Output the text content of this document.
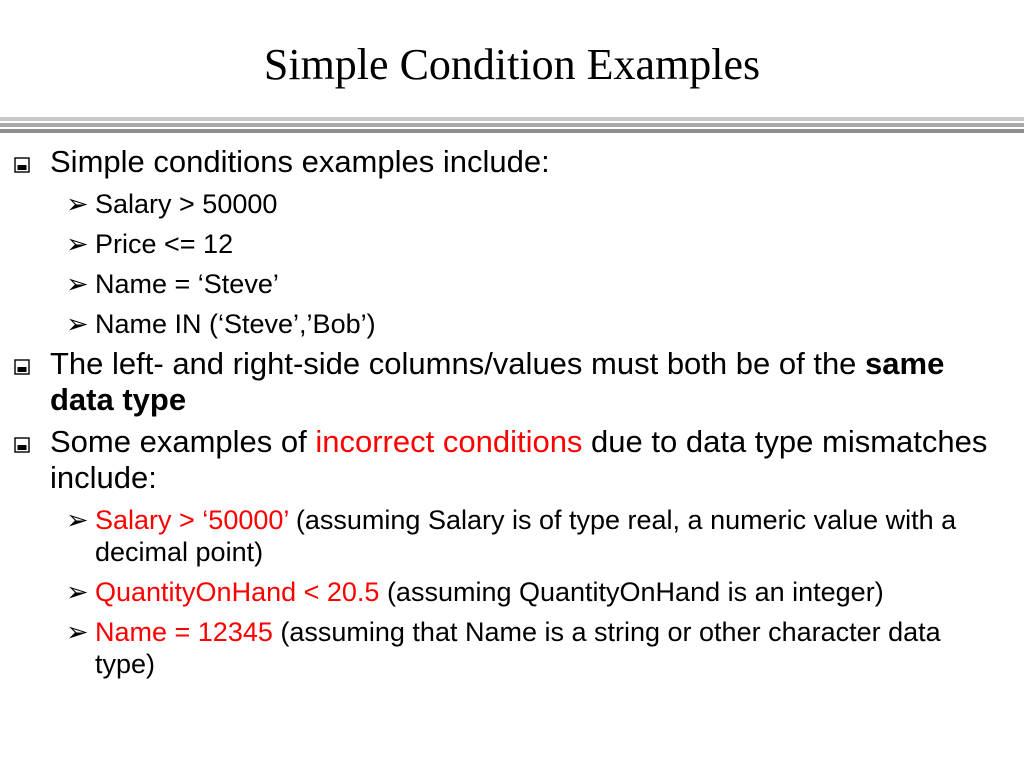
Simple Condition Examples
Simple conditions examples include:
➢ Salary > 50000
➢ Price <= 12
➢ Name = ‘Steve’
➢ Name IN (‘Steve’,’Bob’)
The left- and right-side columns/values must both be of the same data type
Some examples of incorrect conditions due to data type mismatches include:
➢ Salary > ‘50000’ (assuming Salary is of type real, a numeric value with a decimal point)
➢ QuantityOnHand < 20.5 (assuming QuantityOnHand is an integer)
➢ Name = 12345 (assuming that Name is a string or other character data type)
